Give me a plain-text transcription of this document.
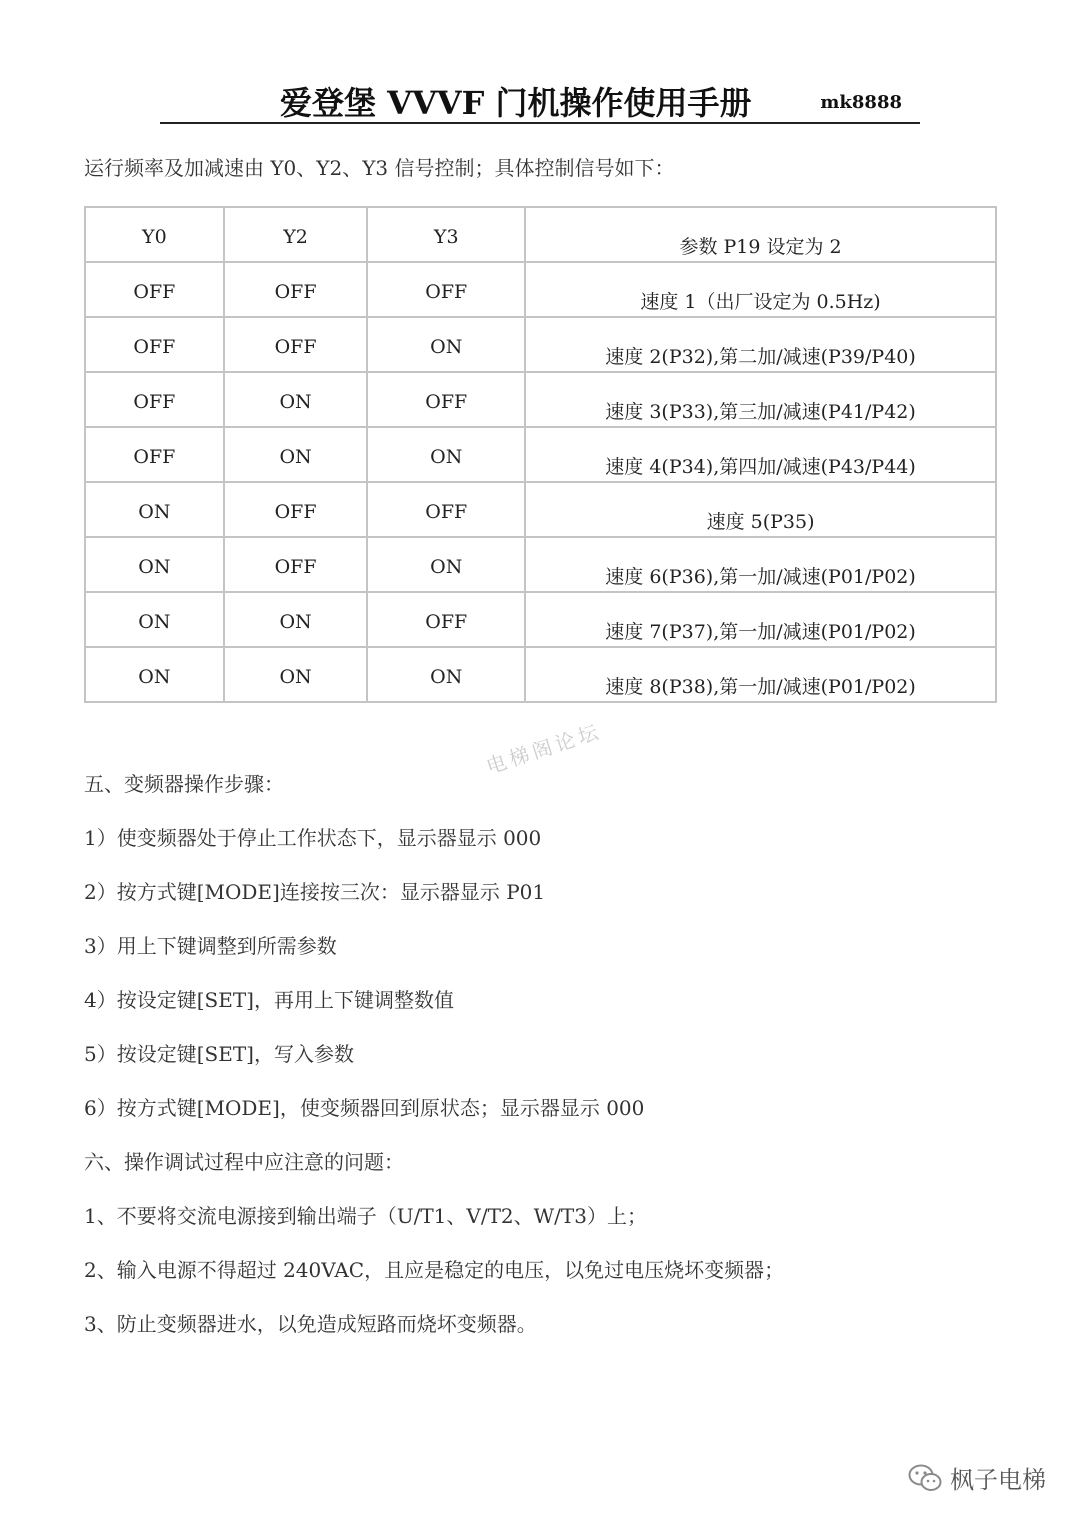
爱登堡 VVVF 门机操作使用手册	mk8888
运行频率及加减速由 Y0、Y2、Y3 信号控制；具体控制信号如下：
Y0	Y2	Y3	参数 P19 设定为 2
OFF	OFF	OFF	速度 1（出厂设定为 0.5Hz)
OFF	OFF	ON	速度 2(P32),第二加/减速(P39/P40)
OFF	ON	OFF	速度 3(P33),第三加/减速(P41/P42)
OFF	ON	ON	速度 4(P34),第四加/减速(P43/P44)
ON	OFF	OFF	速度 5(P35)
ON	OFF	ON	速度 6(P36),第一加/减速(P01/P02)
ON	ON	OFF	速度 7(P37),第一加/减速(P01/P02)
ON	ON	ON	速度 8(P38),第一加/减速(P01/P02)
电梯阁论坛
五、变频器操作步骤：
1）使变频器处于停止工作状态下，显示器显示 000
2）按方式键[MODE]连接按三次：显示器显示 P01
3）用上下键调整到所需参数
4）按设定键[SET]，再用上下键调整数值
5）按设定键[SET]，写入参数
6）按方式键[MODE]，使变频器回到原状态；显示器显示 000
六、操作调试过程中应注意的问题：
1、不要将交流电源接到输出端子（U/T1、V/T2、W/T3）上；
2、输入电源不得超过 240VAC，且应是稳定的电压，以免过电压烧坏变频器；
3、防止变频器进水，以免造成短路而烧坏变频器。
枫子电梯
